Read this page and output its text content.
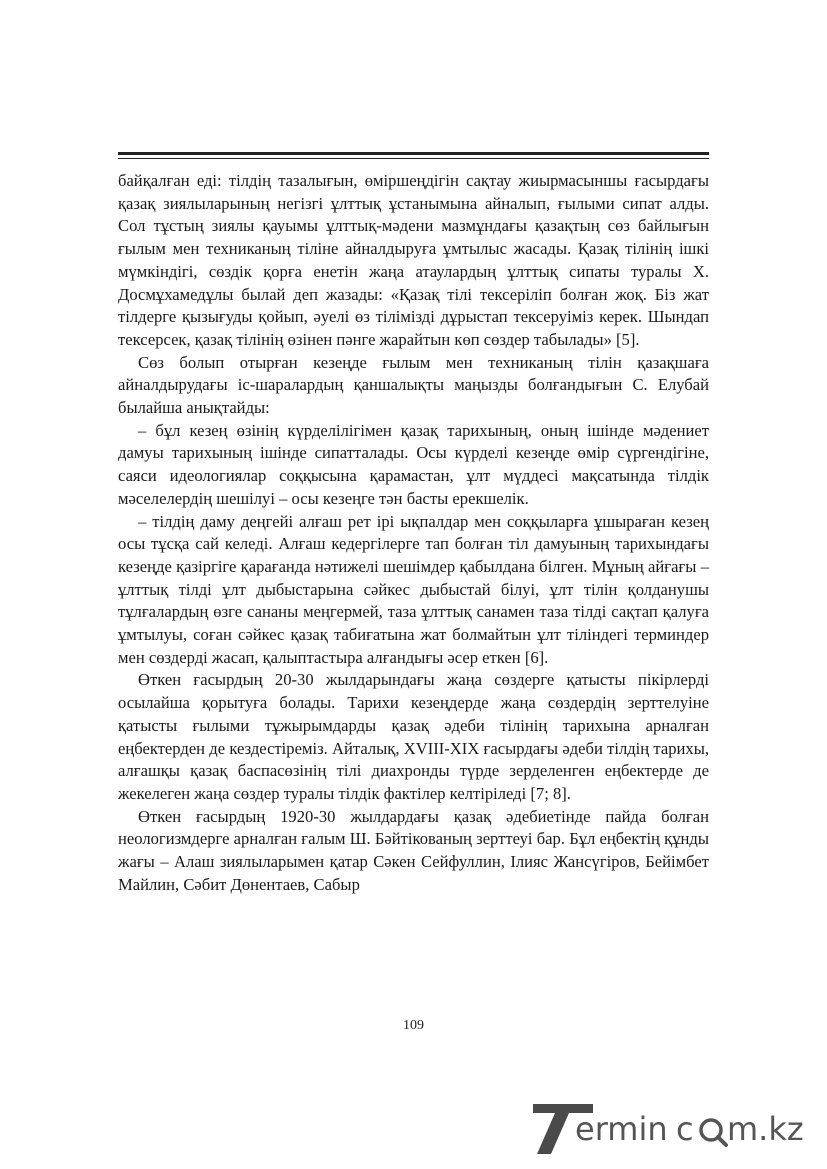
байқалған еді: тілдің тазалығын, өміршеңдігін сақтау жиырмасыншы ғасырдағы қазақ зиялыларының негізгі ұлттық ұстанымына айналып, ғылыми сипат алды. Сол тұстың зиялы қауымы ұлттық-мәдени мазмұндағы қазақтың сөз байлығын ғылым мен техниканың тіліне айналдыруға ұмтылыс жасады. Қазақ тілінің ішкі мүмкіндігі, сөздік қорға енетін жаңа атаулардың ұлттық сипаты туралы Х. Досмұхамедұлы былай деп жазады: «Қазақ тілі тексеріліп болған жоқ. Біз жат тілдерге қызығуды қойып, әуелі өз тілімізді дұрыстап тексеруіміз керек. Шындап тексерсек, қазақ тілінің өзінен пәнге жарайтын көп сөздер табылады» [5].

Сөз болып отырған кезеңде ғылым мен техниканың тілін қазақшаға айналдырудағы іс-шаралардың қаншалықты маңызды болғандығын С. Елубай былайша анықтайды:

– бұл кезең өзінің күрделілігімен қазақ тарихының, оның ішінде мәдениет дамуы тарихының ішінде сипатталады. Осы күрделі кезеңде өмір сүргендігіне, саяси идеологиялар соққысына қарамастан, ұлт мүддесі мақсатында тілдік мәселелердің шешілуі – осы кезеңге тән басты ерекшелік.

– тілдің даму деңгейі алғаш рет ірі ықпалдар мен соққыларға ұшыраған кезең осы тұсқа сай келеді. Алғаш кедергілерге тап болған тіл дамуының тарихындағы кезеңде қазіргіге қарағанда нәтижелі шешімдер қабылдана білген. Мұның айғағы – ұлттық тілді ұлт дыбыстарына сәйкес дыбыстай білуі, ұлт тілін қолданушы тұлғалардың өзге сананы меңгермей, таза ұлттық санамен таза тілді сақтап қалуға ұмтылуы, соған сәйкес қазақ табиғатына жат болмайтын ұлт тіліндегі терминдер мен сөздерді жасап, қалыптастыра алғандығы әсер еткен [6].

Өткен ғасырдың 20-30 жылдарындағы жаңа сөздерге қатысты пікірлерді осылайша қорытуға болады. Тарихи кезеңдерде жаңа сөздердің зерттелуіне қатысты ғылыми тұжырымдарды қазақ әдеби тілінің тарихына арналған еңбектерден де кездестіреміз. Айталық, XVIII-XIX ғасырдағы әдеби тілдің тарихы, алғашқы қазақ баспасөзінің тілі диахронды түрде зерделенген еңбектерде де жекелеген жаңа сөздер туралы тілдік фактілер келтіріледі [7; 8].

Өткен ғасырдың 1920-30 жылдардағы қазақ әдебиетінде пайда болған неологизмдерге арналған ғалым Ш. Бәйтікованың зерттеуі бар. Бұл еңбектің құнды жағы – Алаш зиялыларымен қатар Сәкен Сейфуллин, Ілияс Жансүгіров, Бейімбет Майлин, Сәбит Дөнентаев, Сабыр

109
ermin c m.kz
